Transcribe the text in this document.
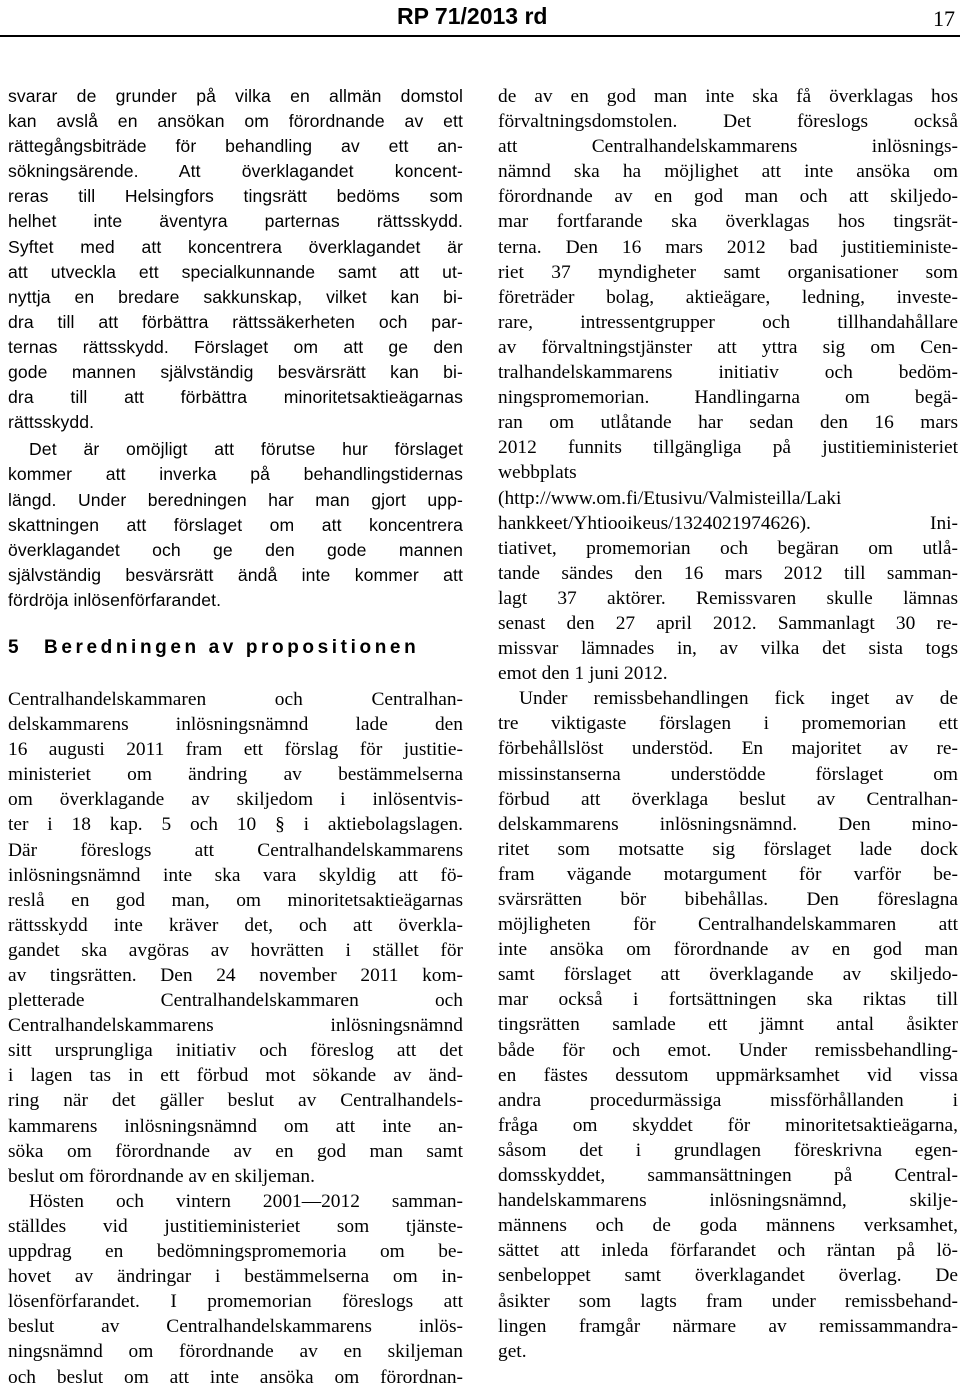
RP 71/2013 rd	17
svarar de grunder på vilka en allmän domstol
kan avslå en ansökan om förordnande av ett
rättegångsbiträde för behandling av ett an-
sökningsärende. Att överklagandet koncent-
reras till Helsingfors tingsrätt bedöms som
helhet inte äventyra parternas rättsskydd.
Syftet med att koncentrera överklagandet är
att utveckla ett specialkunnande samt att ut-
nyttja en bredare sakkunskap, vilket kan bi-
dra till att förbättra rättssäkerheten och par-
ternas rättsskydd. Förslaget om att ge den
gode mannen självständig besvärsrätt kan bi-
dra till att förbättra minoritetsaktieägarnas
rättsskydd.
Det är omöjligt att förutse hur förslaget
kommer att inverka på behandlingstidernas
längd. Under beredningen har man gjort upp-
skattningen att förslaget om att koncentrera
överklagandet och ge den gode mannen
självständig besvärsrätt ändå inte kommer att
fördröja inlösenförfarandet.
5 Beredningen av propositionen
Centralhandelskammaren och Centralhan-
delskammarens inlösningsnämnd lade den
16 augusti 2011 fram ett förslag för justitie-
ministeriet om ändring av bestämmelserna
om överklagande av skiljedom i inlösentvis-
ter i 18 kap. 5 och 10 § i aktiebolagslagen.
Där föreslogs att Centralhandelskammarens
inlösningsnämnd inte ska vara skyldig att fö-
reslå en god man, om minoritetsaktieägarnas
rättsskydd inte kräver det, och att överkla-
gandet ska avgöras av hovrätten i stället för
av tingsrätten. Den 24 november 2011 kom-
pletterade Centralhandelskammaren och
Centralhandelskammarens inlösningsnämnd
sitt ursprungliga initiativ och föreslog att det
i lagen tas in ett förbud mot sökande av änd-
ring när det gäller beslut av Centralhandels-
kammarens inlösningsnämnd om att inte an-
söka om förordnande av en god man samt
beslut om förordnande av en skiljeman.
Hösten och vintern 2001—2012 samman-
ställdes vid justitieministeriet som tjänste-
uppdrag en bedömningspromemoria om be-
hovet av ändringar i bestämmelserna om in-
lösenförfarandet. I promemorian föreslogs att
beslut av Centralhandelskammarens inlös-
ningsnämnd om förordnande av en skiljeman
och beslut om att inte ansöka om förordnan-
de av en god man inte ska få överklagas hos
förvaltningsdomstolen. Det föreslogs också
att Centralhandelskammarens inlösnings-
nämnd ska ha möjlighet att inte ansöka om
förordnande av en god man och att skiljedo-
mar fortfarande ska överklagas hos tingsrät-
terna. Den 16 mars 2012 bad justitieministe-
riet 37 myndigheter samt organisationer som
företräder bolag, aktieägare, ledning, investe-
rare, intressentgrupper och tillhandahållare
av förvaltningstjänster att yttra sig om Cen-
tralhandelskammarens initiativ och bedöm-
ningspromemorian. Handlingarna om begä-
ran om utlåtande har sedan den 16 mars
2012 funnits tillgängliga på justitieministeriet
webbplats
(http://www.om.fi/Etusivu/Valmisteilla/Laki
hankkeet/Yhtiooikeus/1324021974626). Ini-
tiativet, promemorian och begäran om utlå-
tande sändes den 16 mars 2012 till samman-
lagt 37 aktörer. Remissvaren skulle lämnas
senast den 27 april 2012. Sammanlagt 30 re-
missvar lämnades in, av vilka det sista togs
emot den 1 juni 2012.
Under remissbehandlingen fick inget av de
tre viktigaste förslagen i promemorian ett
förbehållslöst understöd. En majoritet av re-
missinstanserna understödde förslaget om
förbud att överklaga beslut av Centralhan-
delskammarens inlösningsnämnd. Den mino-
ritet som motsatte sig förslaget lade dock
fram vägande motargument för varför be-
svärsrätten bör bibehållas. Den föreslagna
möjligheten för Centralhandelskammaren att
inte ansöka om förordnande av en god man
samt förslaget att överklagande av skiljedo-
mar också i fortsättningen ska riktas till
tingsrätten samlade ett jämnt antal åsikter
både för och emot. Under remissbehandling-
en fästes dessutom uppmärksamhet vid vissa
andra procedurmässiga missförhållanden i
fråga om skyddet för minoritetsaktieägarna,
såsom det i grundlagen föreskrivna egen-
domsskyddet, sammansättningen på Central-
handelskammarens inlösningsnämnd, skilje-
männens och de goda männens verksamhet,
sättet att inleda förfarandet och räntan på lö-
senbeloppet samt överklagandet överlag. De
åsikter som lagts fram under remissbehand-
lingen framgår närmare av remissammandra-
get.
